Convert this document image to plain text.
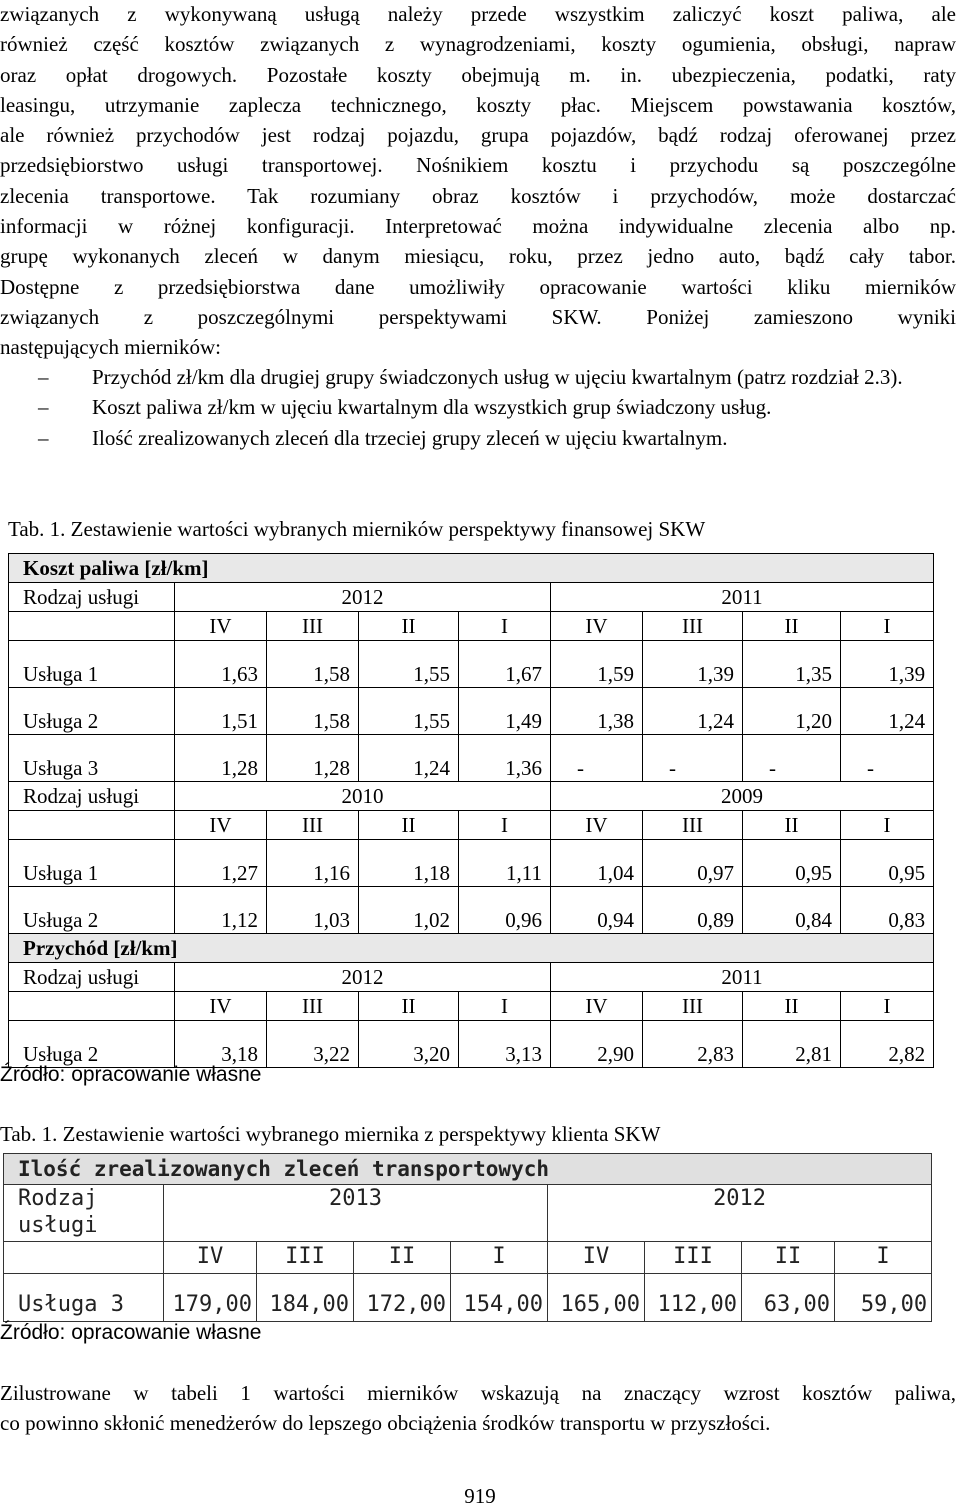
związanych z wykonywaną usługą należy przede wszystkim zaliczyć koszt paliwa, ale
również część kosztów związanych z wynagrodzeniami, koszty ogumienia, obsługi, napraw
oraz opłat drogowych. Pozostałe koszty obejmują m. in. ubezpieczenia, podatki, raty
leasingu, utrzymanie zaplecza technicznego, koszty płac. Miejscem powstawania kosztów,
ale również przychodów jest rodzaj pojazdu, grupa pojazdów, bądź rodzaj oferowanej przez
przedsiębiorstwo usługi transportowej. Nośnikiem kosztu i przychodu są poszczególne
zlecenia transportowe. Tak rozumiany obraz kosztów i przychodów, może dostarczać
informacji w różnej konfiguracji. Interpretować można indywidualne zlecenia albo np.
grupę wykonanych zleceń w danym miesiącu, roku, przez jedno auto, bądź cały tabor.
Dostępne z przedsiębiorstwa dane umożliwiły opracowanie wartości kliku mierników
związanych z poszczególnymi perspektywami SKW. Poniżej zamieszono wyniki
następujących mierników:
–	Przychód zł/km dla drugiej grupy świadczonych usług w ujęciu kwartalnym (patrz rozdział 2.3).
–	Koszt paliwa zł/km w ujęciu kwartalnym dla wszystkich grup świadczony usług.
–	Ilość zrealizowanych zleceń dla trzeciej grupy zleceń w ujęciu kwartalnym.
Tab. 1. Zestawienie wartości wybranych mierników perspektywy finansowej SKW
Koszt paliwa [zł/km]								
Rodzaj usługi	2012				2011			
	IV	III	II	I	IV	III	II	I
Usługa 1	1,63	1,58	1,55	1,67	1,59	1,39	1,35	1,39
Usługa 2	1,51	1,58	1,55	1,49	1,38	1,24	1,20	1,24
Usługa 3	1,28	1,28	1,24	1,36	-	-	-	-
Rodzaj usługi	2010				2009			
	IV	III	II	I	IV	III	II	I
Usługa 1	1,27	1,16	1,18	1,11	1,04	0,97	0,95	0,95
Usługa 2	1,12	1,03	1,02	0,96	0,94	0,89	0,84	0,83
Przychód [zł/km]								
Rodzaj usługi	2012				2011			
	IV	III	II	I	IV	III	II	I
Usługa 2	3,18	3,22	3,20	3,13	2,90	2,83	2,81	2,82
Źródło: opracowanie własne
Tab. 1. Zestawienie wartości wybranego miernika z perspektywy klienta SKW
Ilość zrealizowanych zleceń transportowych								
Rodzaj
usługi	2013				2012			
	IV	III	II	I	IV	III	II	I
Usługa 3	179,00	184,00	172,00	154,00	165,00	112,00	63,00	59,00
Źródło: opracowanie własne
Zilustrowane w tabeli 1 wartości mierników wskazują na znaczący wzrost kosztów paliwa,
co powinno skłonić menedżerów do lepszego obciążenia środków transportu w przyszłości.
919
